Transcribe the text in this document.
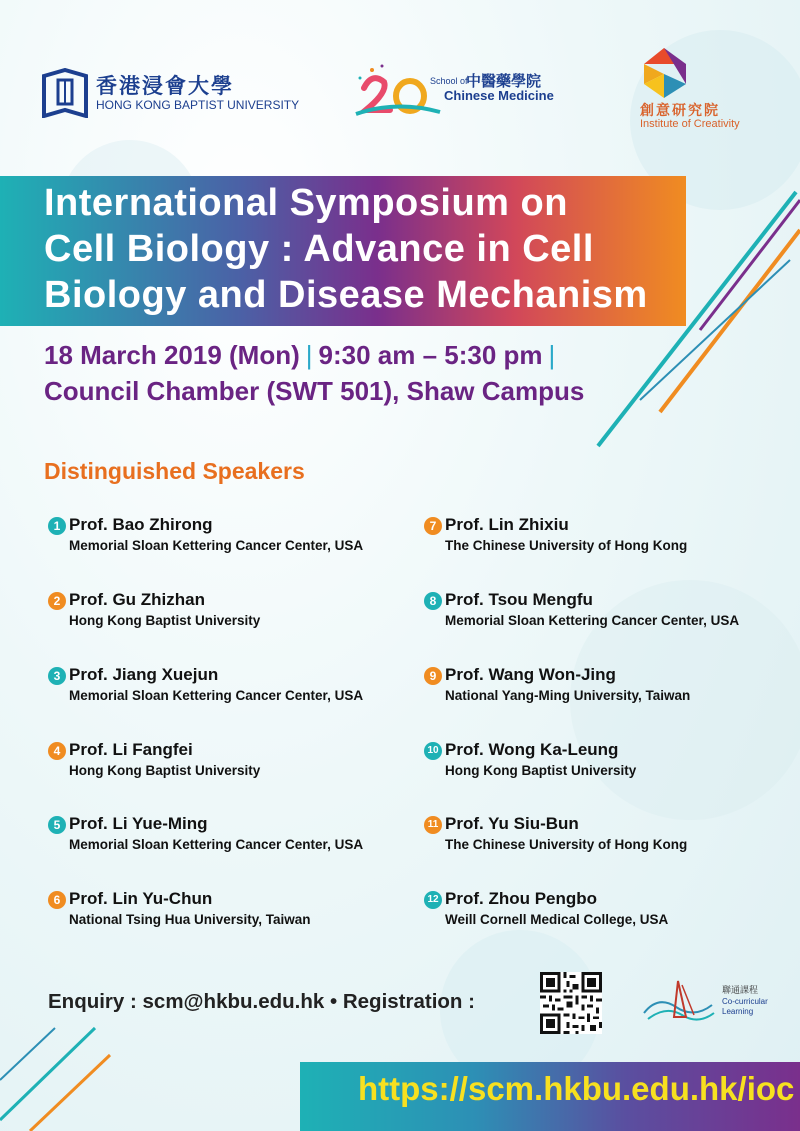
香港浸會大學
HONG KONG BAPTIST UNIVERSITY
School of
中醫藥學院
Chinese Medicine
創意研究院
Institute of Creativity
International Symposium on
Cell Biology : Advance in Cell
Biology and Disease Mechanism
18 March 2019 (Mon) | 9:30 am – 5:30 pm |
Council Chamber (SWT 501), Shaw Campus
Distinguished Speakers
1 Prof. Bao Zhirong
Memorial Sloan Kettering Cancer Center, USA
2 Prof. Gu Zhizhan
Hong Kong Baptist University
3 Prof. Jiang Xuejun
Memorial Sloan Kettering Cancer Center, USA
4 Prof. Li Fangfei
Hong Kong Baptist University
5 Prof. Li Yue-Ming
Memorial Sloan Kettering Cancer Center, USA
6 Prof. Lin Yu-Chun
National Tsing Hua University, Taiwan
7 Prof. Lin Zhixiu
The Chinese University of Hong Kong
8 Prof. Tsou Mengfu
Memorial Sloan Kettering Cancer Center, USA
9 Prof. Wang Won-Jing
National Yang-Ming University, Taiwan
10 Prof. Wong Ka-Leung
Hong Kong Baptist University
11 Prof. Yu Siu-Bun
The Chinese University of Hong Kong
12 Prof. Zhou Pengbo
Weill Cornell Medical College, USA
Enquiry : scm@hkbu.edu.hk • Registration :	聯通課程
Co-curricular
Learning
https://scm.hkbu.edu.hk/ioc
